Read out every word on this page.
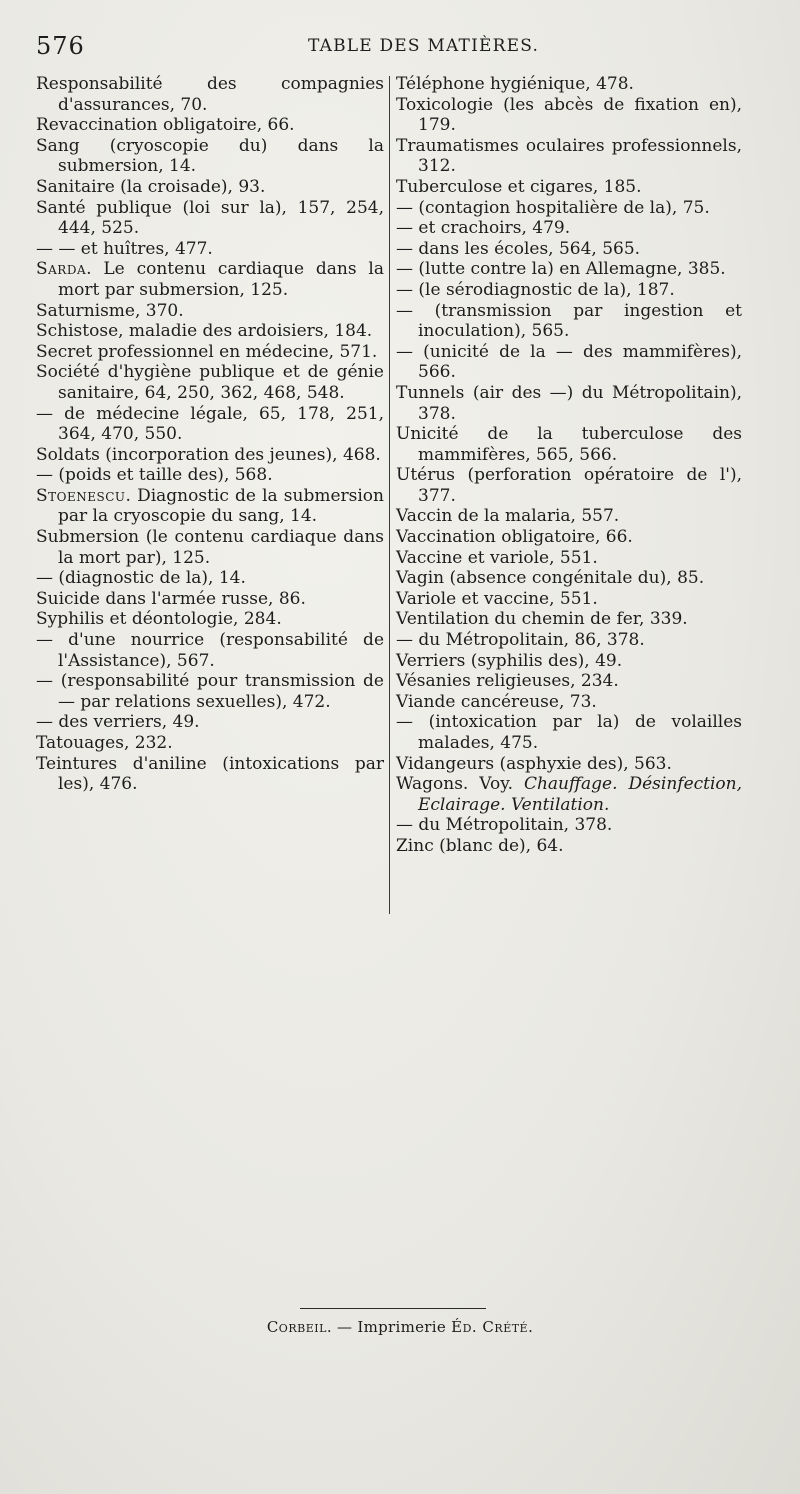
576	TABLE DES MATIÈRES.

Responsabilité des compagnies d'assurances, 70.

Revaccination obligatoire, 66.

Sang (cryoscopie du) dans la submersion, 14.

Sanitaire (la croisade), 93.

Santé publique (loi sur la), 157, 254, 444, 525.

— — et huîtres, 477.

Sarda. Le contenu cardiaque dans la mort par submersion, 125.

Saturnisme, 370.

Schistose, maladie des ardoisiers, 184.

Secret professionnel en médecine, 571.

Société d'hygiène publique et de génie sanitaire, 64, 250, 362, 468, 548.

— de médecine légale, 65, 178, 251, 364, 470, 550.

Soldats (incorporation des jeunes), 468.

— (poids et taille des), 568.

Stoenescu. Diagnostic de la submersion par la cryoscopie du sang, 14.

Submersion (le contenu cardiaque dans la mort par), 125.

— (diagnostic de la), 14.

Suicide dans l'armée russe, 86.

Syphilis et déontologie, 284.

— d'une nourrice (responsabilité de l'Assistance), 567.

— (responsabilité pour transmission de — par relations sexuelles), 472.

— des verriers, 49.

Tatouages, 232.

Teintures d'aniline (intoxications par les), 476.

Téléphone hygiénique, 478.

Toxicologie (les abcès de fixation en), 179.

Traumatismes oculaires professionnels, 312.

Tuberculose et cigares, 185.

— (contagion hospitalière de la), 75.

— et crachoirs, 479.

— dans les écoles, 564, 565.

— (lutte contre la) en Allemagne, 385.

— (le sérodiagnostic de la), 187.

— (transmission par ingestion et inoculation), 565.

— (unicité de la — des mammifères), 566.

Tunnels (air des —) du Métropolitain), 378.

Unicité de la tuberculose des mammifères, 565, 566.

Utérus (perforation opératoire de l'), 377.

Vaccin de la malaria, 557.

Vaccination obligatoire, 66.

Vaccine et variole, 551.

Vagin (absence congénitale du), 85.

Variole et vaccine, 551.

Ventilation du chemin de fer, 339.

— du Métropolitain, 86, 378.

Verriers (syphilis des), 49.

Vésanies religieuses, 234.

Viande cancéreuse, 73.

— (intoxication par la) de volailles malades, 475.

Vidangeurs (asphyxie des), 563.

Wagons. Voy. Chauffage. Désinfection, Eclairage. Ventilation.

— du Métropolitain, 378.

Zinc (blanc de), 64.

Corbeil. — Imprimerie Éd. Crété.
